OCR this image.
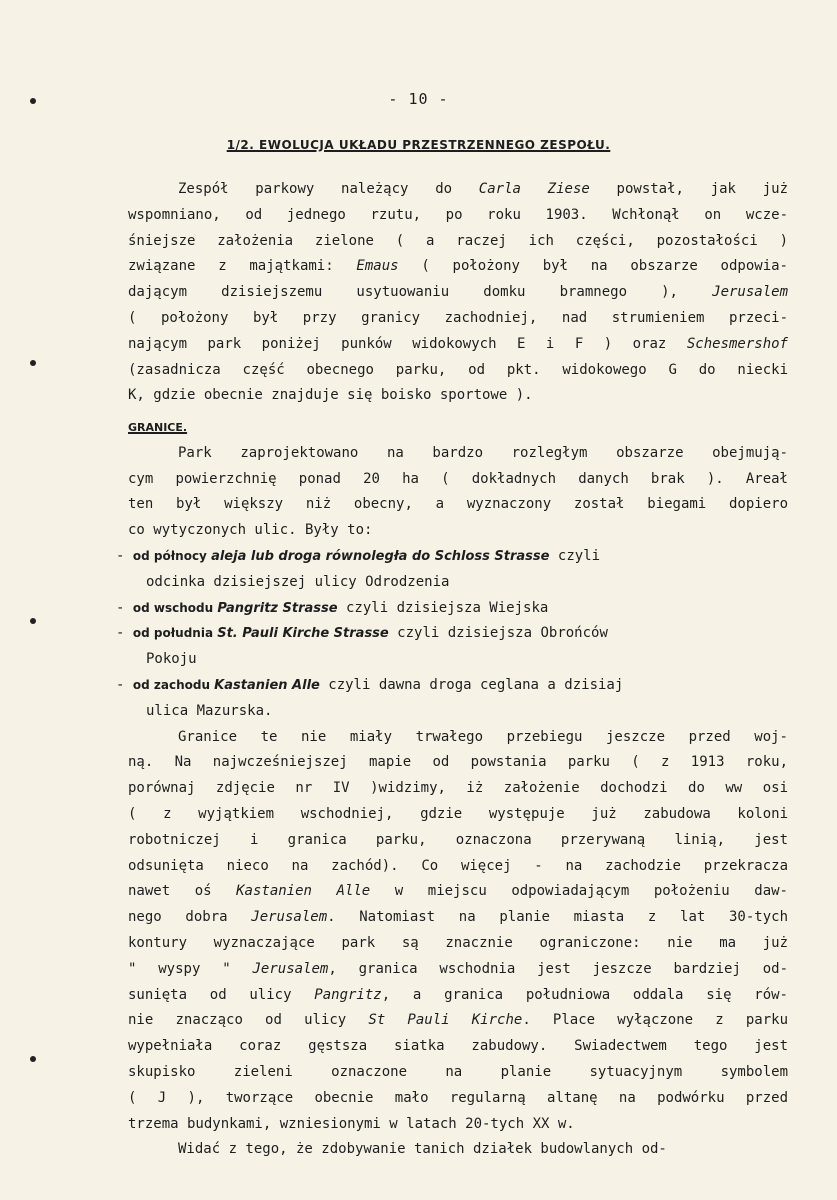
- 10 -
1/2. EWOLUCJA UKŁADU PRZESTRZENNEGO ZESPOŁU.
Zespół parkowy należący do Carla Ziese powstał, jak już
wspomniano, od jednego rzutu, po roku 1903. Wchłonął on wcze-
śniejsze założenia zielone ( a raczej ich części, pozostałości )
związane z majątkami: Emaus ( położony był na obszarze odpowia-
dającym dzisiejszemu usytuowaniu domku bramnego ), Jerusalem
( położony był przy granicy zachodniej, nad strumieniem przeci-
nającym park poniżej punków widokowych E i F ) oraz Schesmershof
(zasadnicza część obecnego parku, od pkt. widokowego G do niecki
K, gdzie obecnie znajduje się boisko sportowe ).
GRANICE.
Park zaprojektowano na bardzo rozległym obszarze obejmują-
cym powierzchnię ponad 20 ha ( dokładnych danych brak ). Areał
ten był większy niż obecny, a wyznaczony został biegami dopiero
co wytyczonych ulic. Były to:
- od północy aleja lub droga równoległa do Schloss Strasse czyli
odcinka dzisiejszej ulicy Odrodzenia
- od wschodu Pangritz Strasse czyli dzisiejsza Wiejska
- od południa St. Pauli Kirche Strasse czyli dzisiejsza Obrońców
Pokoju
- od zachodu Kastanien Alle czyli dawna droga ceglana a dzisiaj
ulica Mazurska.
Granice te nie miały trwałego przebiegu jeszcze przed woj-
ną. Na najwcześniejszej mapie od powstania parku ( z 1913 roku,
porównaj zdjęcie nr IV )widzimy, iż założenie dochodzi do ww osi
( z wyjątkiem wschodniej, gdzie występuje już zabudowa koloni
robotniczej i granica parku, oznaczona przerywaną linią, jest
odsunięta nieco na zachód). Co więcej - na zachodzie przekracza
nawet oś Kastanien Alle w miejscu odpowiadającym położeniu daw-
nego dobra Jerusalem. Natomiast na planie miasta z lat 30-tych
kontury wyznaczające park są znacznie ograniczone: nie ma już
" wyspy " Jerusalem, granica wschodnia jest jeszcze bardziej od-
sunięta od ulicy Pangritz, a granica południowa oddala się rów-
nie znacząco od ulicy St Pauli Kirche. Place wyłączone z parku
wypełniała coraz gęstsza siatka zabudowy. Swiadectwem tego jest
skupisko zieleni oznaczone na planie sytuacyjnym symbolem
( J ), tworzące obecnie mało regularną altanę na podwórku przed
trzema budynkami, wzniesionymi w latach 20-tych XX w.
Widać z tego, że zdobywanie tanich działek budowlanych od-
